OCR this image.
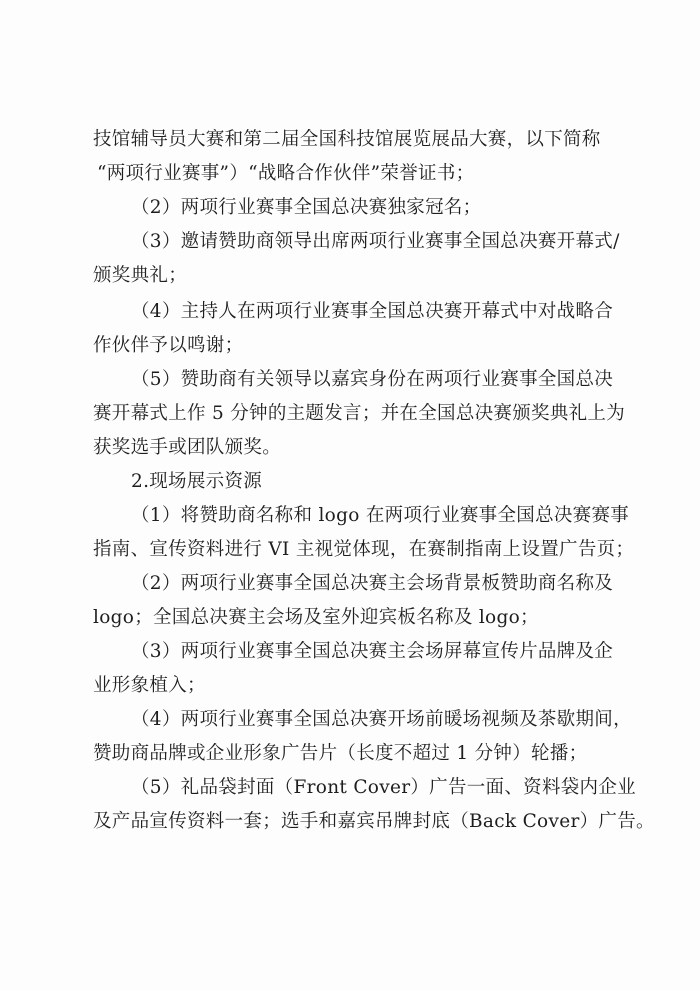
技馆辅导员大赛和第二届全国科技馆展览展品大赛，以下简称
“两项行业赛事”）“战略合作伙伴”荣誉证书；
（2）两项行业赛事全国总决赛独家冠名；
（3）邀请赞助商领导出席两项行业赛事全国总决赛开幕式/
颁奖典礼；
（4）主持人在两项行业赛事全国总决赛开幕式中对战略合
作伙伴予以鸣谢；
（5）赞助商有关领导以嘉宾身份在两项行业赛事全国总决
赛开幕式上作 5 分钟的主题发言；并在全国总决赛颁奖典礼上为
获奖选手或团队颁奖。
2.现场展示资源
（1）将赞助商名称和 logo 在两项行业赛事全国总决赛赛事
指南、宣传资料进行 VI 主视觉体现，在赛制指南上设置广告页；
（2）两项行业赛事全国总决赛主会场背景板赞助商名称及
logo；全国总决赛主会场及室外迎宾板名称及 logo；
（3）两项行业赛事全国总决赛主会场屏幕宣传片品牌及企
业形象植入；
（4）两项行业赛事全国总决赛开场前暖场视频及茶歇期间，
赞助商品牌或企业形象广告片（长度不超过 1 分钟）轮播；
（5）礼品袋封面（Front Cover）广告一面、资料袋内企业
及产品宣传资料一套；选手和嘉宾吊牌封底（Back Cover）广告。
